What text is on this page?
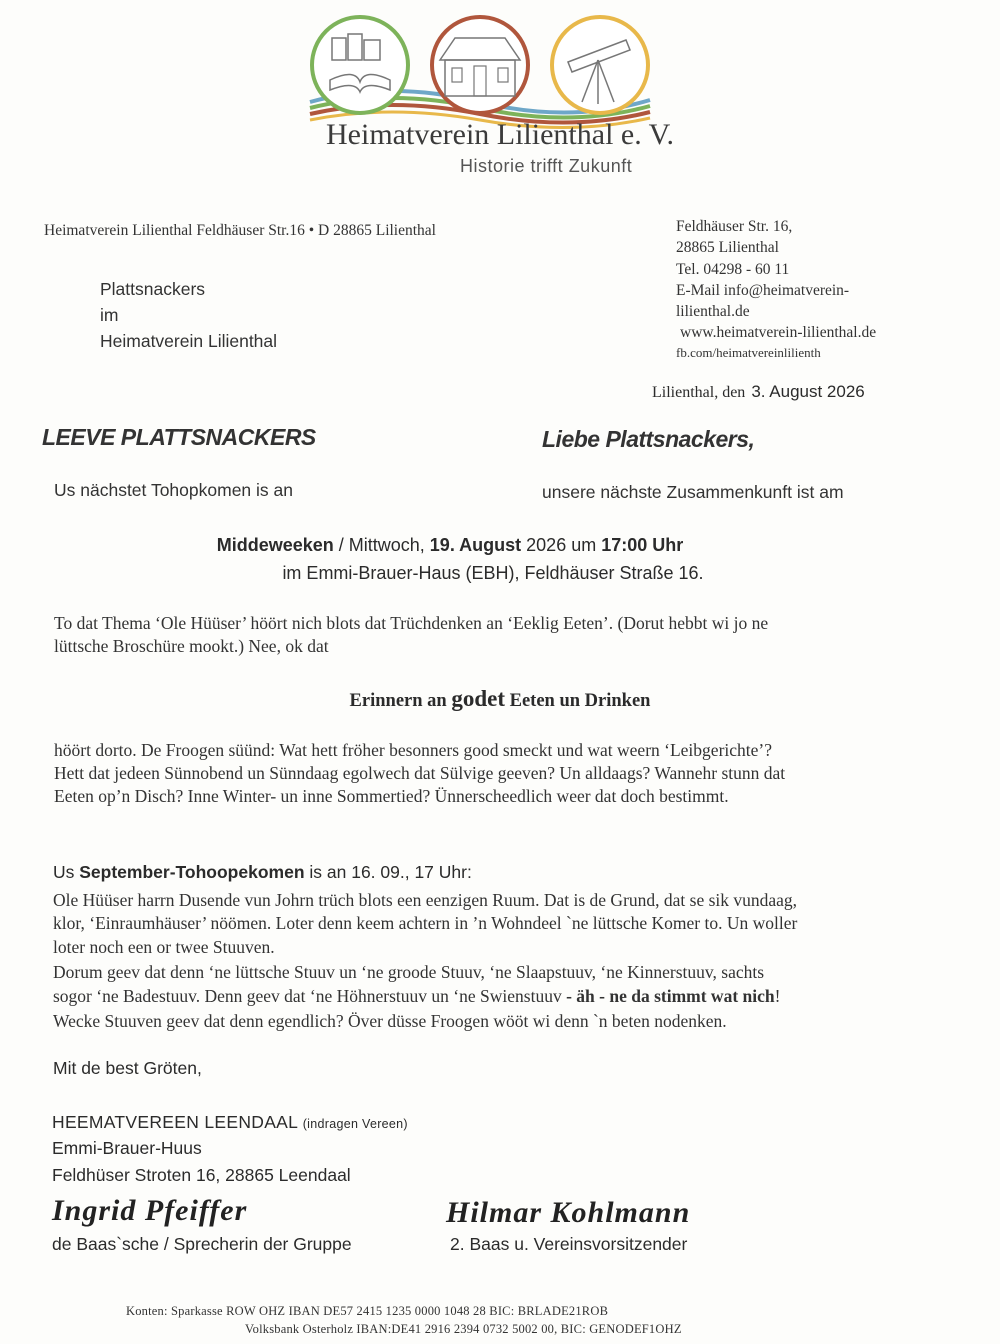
Heimatverein Lilienthal e. V.
Historie trifft Zukunft
Heimatverein Lilienthal Feldhäuser Str.16 • D 28865 Lilienthal
Plattsnackers
im
Heimatverein Lilienthal
Feldhäuser Str. 16,
28865 Lilienthal
Tel. 04298 - 60 11
E-Mail info@heimatverein-
lilienthal.de
www.heimatverein-lilienthal.de
fb.com/heimatvereinlilienth
Lilienthal, den 3. August 2026
LEEVE PLATTSNACKERS	Liebe Plattsnackers,
Us nächstet Tohopkomen is an	unsere nächste Zusammenkunft ist am
Middeweeken / Mittwoch, 19. August 2026 um 17:00 Uhr
im Emmi-Brauer-Haus (EBH), Feldhäuser Straße 16.
To dat Thema ‘Ole Hüüser’ höört nich blots dat Trüchdenken an ‘Eeklig Eeten’. (Dorut hebbt wi jo ne
lüttsche Broschüre mookt.) Nee, ok dat
Erinnern an godet Eeten un Drinken
höört dorto. De Froogen süünd: Wat hett fröher besonners good smeckt und wat weern ‘Leibgerichte’?
Hett dat jedeen Sünnobend un Sünndaag egolwech dat Sülvige geeven? Un alldaags? Wannehr stunn dat
Eeten op’n Disch? Inne Winter- un inne Sommertied? Ünnerscheedlich weer dat doch bestimmt.
Us September-Tohoopekomen is an 16. 09., 17 Uhr:
Ole Hüüser harrn Dusende vun Johrn trüch blots een eenzigen Ruum. Dat is de Grund, dat se sik vundaag,
klor, ‘Einraumhäuser’ nöömen. Loter denn keem achtern in ’n Wohndeel `ne lüttsche Komer to. Un woller
loter noch een or twee Stuuven.
Dorum geev dat denn ‘ne lüttsche Stuuv un ‘ne groode Stuuv, ‘ne Slaapstuuv, ‘ne Kinnerstuuv, sachts
sogor ‘ne Badestuuv. Denn geev dat ‘ne Höhnerstuuv un ‘ne Swienstuuv - äh - ne da stimmt wat nich!
Wecke Stuuven geev dat denn egendlich? Över düsse Froogen wööt wi denn `n beten nodenken.
Mit de best Gröten,
HEEMATVEREEN LEENDAAL (indragen Vereen)
Emmi-Brauer-Huus
Feldhüser Stroten 16, 28865 Leendaal
Ingrid Pfeiffer	Hilmar Kohlmann
de Baas`sche / Sprecherin der Gruppe	2. Baas u. Vereinsvorsitzender
Konten: Sparkasse ROW OHZ IBAN DE57 2415 1235 0000 1048 28 BIC: BRLADE21ROB
Volksbank Osterholz IBAN:DE41 2916 2394 0732 5002 00, BIC: GENODEF1OHZ
